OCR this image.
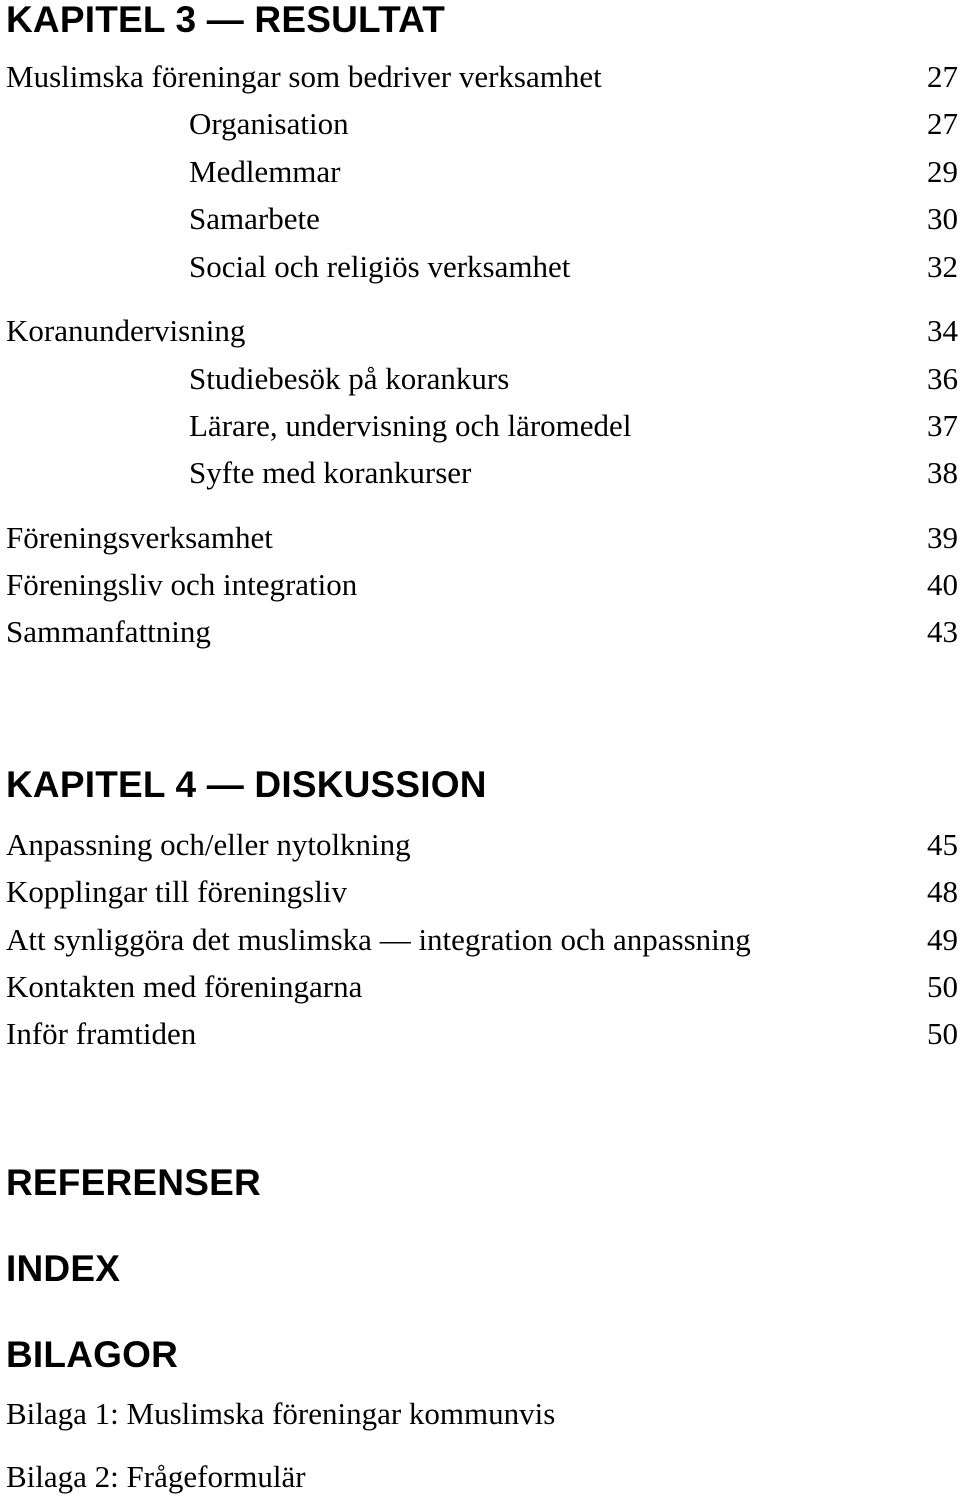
KAPITEL 3 — RESULTAT
Muslimska föreningar som bedriver verksamhet	27
Organisation	27
Medlemmar	29
Samarbete	30
Social och religiös verksamhet	32
Koranundervisning	34
Studiebesök på korankurs	36
Lärare, undervisning och läromedel	37
Syfte med korankurser	38
Föreningsverksamhet	39
Föreningsliv och integration	40
Sammanfattning	43
KAPITEL 4 — DISKUSSION
Anpassning och/eller nytolkning	45
Kopplingar till föreningsliv	48
Att synliggöra det muslimska — integration och anpassning	49
Kontakten med föreningarna	50
Inför framtiden	50
REFERENSER
INDEX
BILAGOR
Bilaga 1: Muslimska föreningar kommunvis
Bilaga 2: Frågeformulär
